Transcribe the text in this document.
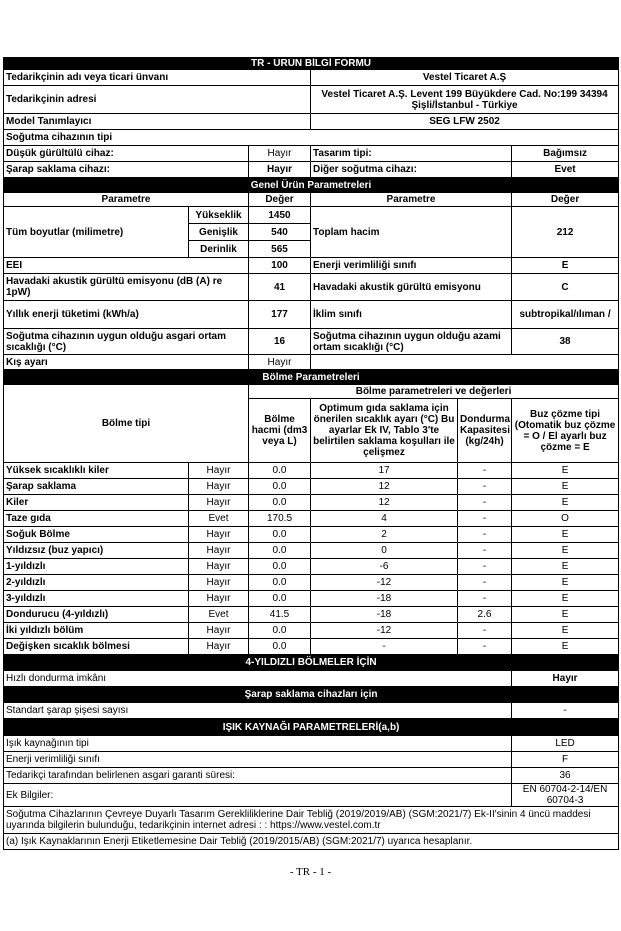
TR - ÜRÜN BİLGİ FORMU					
Tedarikçinin adı veya ticari ünvanı			Vestel Ticaret A.Ş		
Tedarikçinin adresi			Vestel Ticaret A.Ş. Levent 199 Büyükdere Cad. No:199 34394 Şişli/İstanbul - Türkiye		
Model Tanımlayıcı			SEG LFW 2502		
Soğutma cihazının tipi					
Düşük gürültülü cihaz:		Hayır	Tasarım tipi:		Bağımsız
Şarap saklama cihazı:		Hayır	Diğer soğutma cihazı:		Evet
Genel Ürün Parametreleri					
Parametre		Değer	Parametre		Değer
Tüm boyutlar (milimetre)	Yükseklik	1450	Toplam hacim		212
	Genişlik	540			
	Derinlik	565			
EEI		100	Enerji verimliliği sınıfı		E
Havadaki akustik gürültü emisyonu (dB (A) re 1pW)		41	Havadaki akustik gürültü emisyonu		C
Yıllık enerji tüketimi (kWh/a)		177	İklim sınıfı		subtropikal/ılıman /
Soğutma cihazının uygun olduğu asgari ortam sıcaklığı (°C)		16	Soğutma cihazının uygun olduğu azami ortam sıcaklığı (°C)		38
Kış ayarı		Hayır			
Bölme Parametreleri					
Bölme tipi		Bölme parametreleri ve değerleri			
		Bölme hacmi (dm3 veya L)	Optimum gıda saklama için önerilen sıcaklık ayarı (°C) Bu ayarlar Ek IV, Tablo 3'te belirtilen saklama koşulları ile çelişmez	Dondurma Kapasitesi (kg/24h)	Buz çözme tipi (Otomatik buz çözme = O / El ayarlı buz çözme = E
Yüksek sıcaklıklı kiler	Hayır	0.0	17	-	E
Şarap saklama	Hayır	0.0	12	-	E
Kiler	Hayır	0.0	12	-	E
Taze gıda	Evet	170.5	4	-	O
Soğuk Bölme	Hayır	0.0	2	-	E
Yıldızsız (buz yapıcı)	Hayır	0.0	0	-	E
1-yıldızlı	Hayır	0.0	-6	-	E
2-yıldızlı	Hayır	0.0	-12	-	E
3-yıldızlı	Hayır	0.0	-18	-	E
Dondurucu (4-yıldızlı)	Evet	41.5	-18	2.6	E
İki yıldızlı bölüm	Hayır	0.0	-12	-	E
Değişken sıcaklık bölmesi	Hayır	0.0	-	-	E
4-YILDIZLI BÖLMELER İÇİN					
Hızlı dondurma imkânı					Hayır
Şarap saklama cihazları için					
Standart şarap şişesi sayısı					-
IŞIK KAYNAĞI PARAMETRELERİ(a,b)					
Işık kaynağının tipi					LED
Enerji verimliliği sınıfı					F
Tedarikçi tarafından belirlenen asgari garanti süresi:					36
Ek Bilgiler:					EN 60704-2-14/EN 60704-3
Soğutma Cihazlarının Çevreye Duyarlı Tasarım Gerekliliklerine Dair Tebliğ (2019/2019/AB) (SGM:2021/7) Ek-II'sinin 4 üncü maddesi uyarında bilgilerin bulunduğu, tedarikçinin internet adresi : : https://www.vestel.com.tr					
(a) Işık Kaynaklarının Enerji Etiketlemesine Dair Tebliğ (2019/2015/AB) (SGM:2021/7) uyarıca hesaplanır.					
- TR - 1 -
